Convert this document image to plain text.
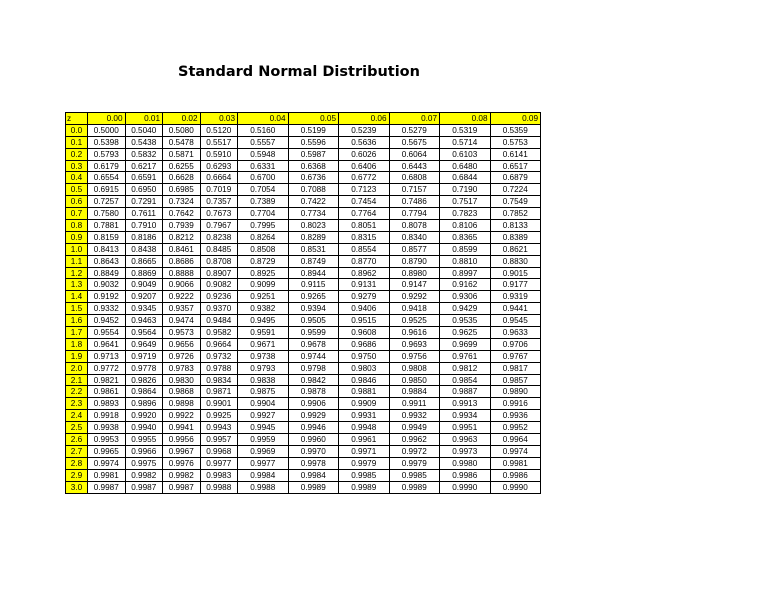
Standard Normal Distribution
z	0.00	0.01	0.02	0.03	0.04	0.05	0.06	0.07	0.08	0.09
0.0	0.5000	0.5040	0.5080	0.5120	0.5160	0.5199	0.5239	0.5279	0.5319	0.5359
0.1	0.5398	0.5438	0.5478	0.5517	0.5557	0.5596	0.5636	0.5675	0.5714	0.5753
0.2	0.5793	0.5832	0.5871	0.5910	0.5948	0.5987	0.6026	0.6064	0.6103	0.6141
0.3	0.6179	0.6217	0.6255	0.6293	0.6331	0.6368	0.6406	0.6443	0.6480	0.6517
0.4	0.6554	0.6591	0.6628	0.6664	0.6700	0.6736	0.6772	0.6808	0.6844	0.6879
0.5	0.6915	0.6950	0.6985	0.7019	0.7054	0.7088	0.7123	0.7157	0.7190	0.7224
0.6	0.7257	0.7291	0.7324	0.7357	0.7389	0.7422	0.7454	0.7486	0.7517	0.7549
0.7	0.7580	0.7611	0.7642	0.7673	0.7704	0.7734	0.7764	0.7794	0.7823	0.7852
0.8	0.7881	0.7910	0.7939	0.7967	0.7995	0.8023	0.8051	0.8078	0.8106	0.8133
0.9	0.8159	0.8186	0.8212	0.8238	0.8264	0.8289	0.8315	0.8340	0.8365	0.8389
1.0	0.8413	0.8438	0.8461	0.8485	0.8508	0.8531	0.8554	0.8577	0.8599	0.8621
1.1	0.8643	0.8665	0.8686	0.8708	0.8729	0.8749	0.8770	0.8790	0.8810	0.8830
1.2	0.8849	0.8869	0.8888	0.8907	0.8925	0.8944	0.8962	0.8980	0.8997	0.9015
1.3	0.9032	0.9049	0.9066	0.9082	0.9099	0.9115	0.9131	0.9147	0.9162	0.9177
1.4	0.9192	0.9207	0.9222	0.9236	0.9251	0.9265	0.9279	0.9292	0.9306	0.9319
1.5	0.9332	0.9345	0.9357	0.9370	0.9382	0.9394	0.9406	0.9418	0.9429	0.9441
1.6	0.9452	0.9463	0.9474	0.9484	0.9495	0.9505	0.9515	0.9525	0.9535	0.9545
1.7	0.9554	0.9564	0.9573	0.9582	0.9591	0.9599	0.9608	0.9616	0.9625	0.9633
1.8	0.9641	0.9649	0.9656	0.9664	0.9671	0.9678	0.9686	0.9693	0.9699	0.9706
1.9	0.9713	0.9719	0.9726	0.9732	0.9738	0.9744	0.9750	0.9756	0.9761	0.9767
2.0	0.9772	0.9778	0.9783	0.9788	0.9793	0.9798	0.9803	0.9808	0.9812	0.9817
2.1	0.9821	0.9826	0.9830	0.9834	0.9838	0.9842	0.9846	0.9850	0.9854	0.9857
2.2	0.9861	0.9864	0.9868	0.9871	0.9875	0.9878	0.9881	0.9884	0.9887	0.9890
2.3	0.9893	0.9896	0.9898	0.9901	0.9904	0.9906	0.9909	0.9911	0.9913	0.9916
2.4	0.9918	0.9920	0.9922	0.9925	0.9927	0.9929	0.9931	0.9932	0.9934	0.9936
2.5	0.9938	0.9940	0.9941	0.9943	0.9945	0.9946	0.9948	0.9949	0.9951	0.9952
2.6	0.9953	0.9955	0.9956	0.9957	0.9959	0.9960	0.9961	0.9962	0.9963	0.9964
2.7	0.9965	0.9966	0.9967	0.9968	0.9969	0.9970	0.9971	0.9972	0.9973	0.9974
2.8	0.9974	0.9975	0.9976	0.9977	0.9977	0.9978	0.9979	0.9979	0.9980	0.9981
2.9	0.9981	0.9982	0.9982	0.9983	0.9984	0.9984	0.9985	0.9985	0.9986	0.9986
3.0	0.9987	0.9987	0.9987	0.9988	0.9988	0.9989	0.9989	0.9989	0.9990	0.9990
